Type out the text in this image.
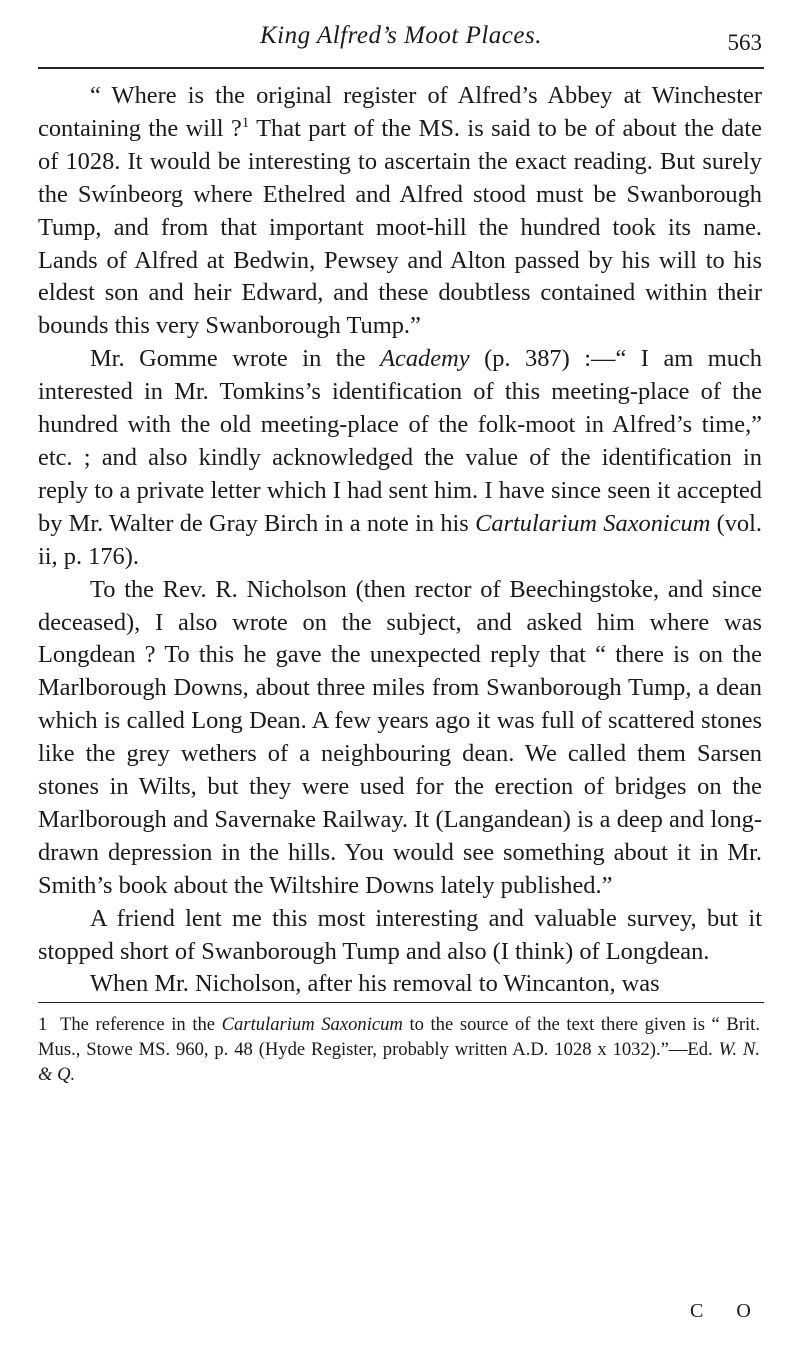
King Alfred’s Moot Places.	563

“ Where is the original register of Alfred’s Abbey at Winchester containing the will ?$^1$ That part of the MS. is said to be of about the date of 1028. It would be interesting to ascertain the exact reading. But surely the Swínbeorg where Ethelred and Alfred stood must be Swanborough Tump, and from that important moot-hill the hundred took its name. Lands of Alfred at Bedwin, Pewsey and Alton passed by his will to his eldest son and heir Edward, and these doubtless contained within their bounds this very Swanborough Tump.”

Mr. Gomme wrote in the Academy (p. 387) :—“ I am much interested in Mr. Tomkins’s identification of this meeting-place of the hundred with the old meeting-place of the folk-moot in Alfred’s time,” etc. ; and also kindly acknowledged the value of the identification in reply to a private letter which I had sent him. I have since seen it accepted by Mr. Walter de Gray Birch in a note in his Cartularium Saxonicum (vol. ii, p. 176).

To the Rev. R. Nicholson (then rector of Beechingstoke, and since deceased), I also wrote on the subject, and asked him where was Longdean ? To this he gave the unexpected reply that “ there is on the Marlborough Downs, about three miles from Swanborough Tump, a dean which is called Long Dean. A few years ago it was full of scattered stones like the grey wethers of a neighbouring dean. We called them Sarsen stones in Wilts, but they were used for the erection of bridges on the Marlborough and Savernake Railway. It (Langandean) is a deep and long-drawn depression in the hills. You would see something about it in Mr. Smith’s book about the Wiltshire Downs lately published.”

A friend lent me this most interesting and valuable survey, but it stopped short of Swanborough Tump and also (I think) of Longdean.

When Mr. Nicholson, after his removal to Wincanton, was

1 The reference in the Cartularium Saxonicum to the source of the text there given is “ Brit. Mus., Stowe MS. 960, p. 48 (Hyde Register, probably written A.D. 1028 x 1032).”—Ed. W. N. & Q.

C O
